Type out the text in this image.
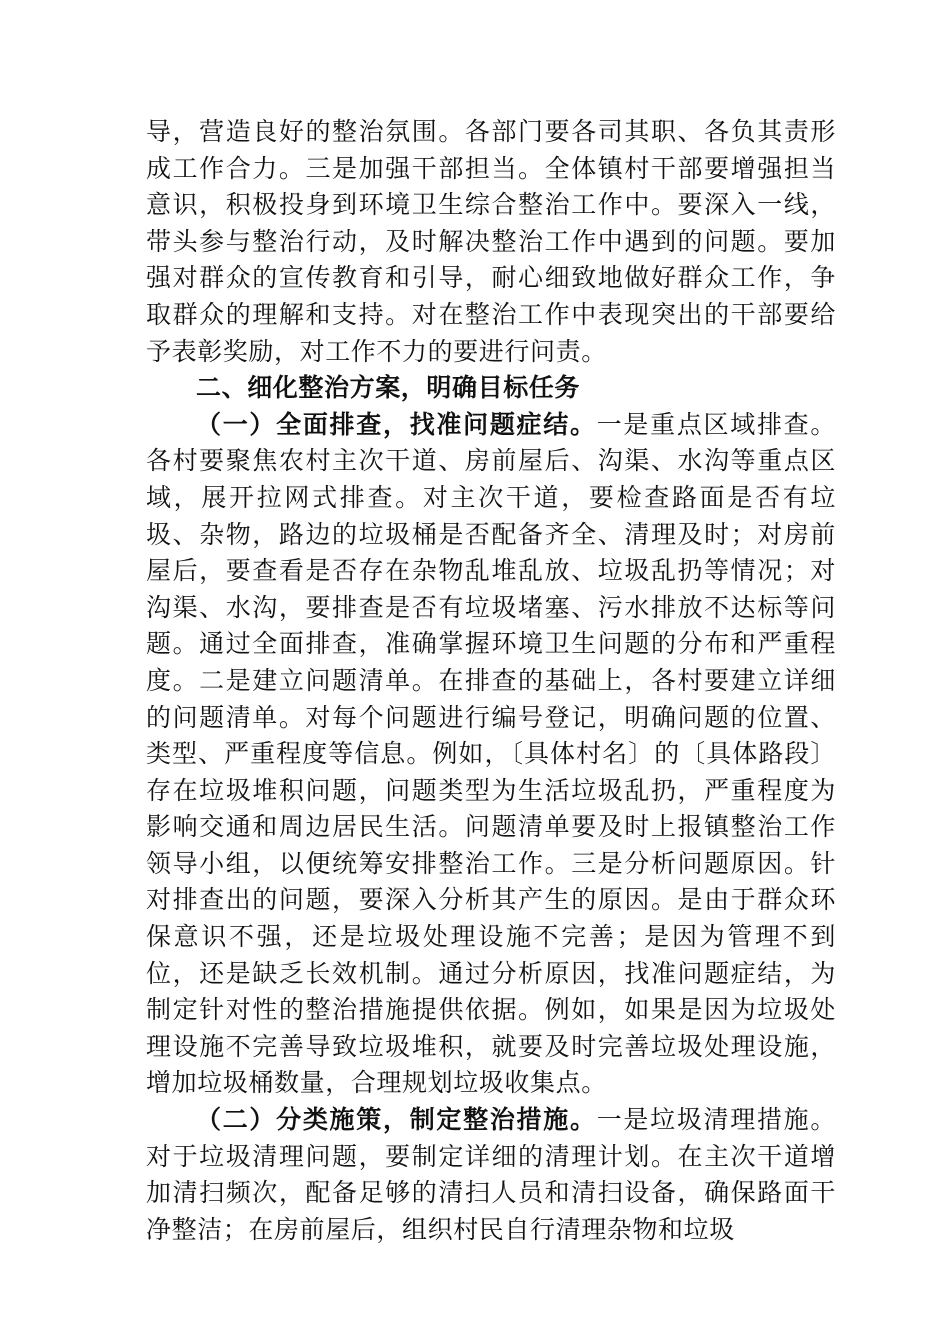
导，营造良好的整治氛围。各部门要各司其职、各负其责形成工作合力。三是加强干部担当。全体镇村干部要增强担当意识，积极投身到环境卫生综合整治工作中。要深入一线，带头参与整治行动，及时解决整治工作中遇到的问题。要加强对群众的宣传教育和引导，耐心细致地做好群众工作，争取群众的理解和支持。对在整治工作中表现突出的干部要给予表彰奖励，对工作不力的要进行问责。

二、细化整治方案，明确目标任务

（一）全面排查，找准问题症结。一是重点区域排查。各村要聚焦农村主次干道、房前屋后、沟渠、水沟等重点区域，展开拉网式排查。对主次干道，要检查路面是否有垃圾、杂物，路边的垃圾桶是否配备齐全、清理及时；对房前屋后，要查看是否存在杂物乱堆乱放、垃圾乱扔等情况；对沟渠、水沟，要排查是否有垃圾堵塞、污水排放不达标等问题。通过全面排查，准确掌握环境卫生问题的分布和严重程度。二是建立问题清单。在排查的基础上，各村要建立详细的问题清单。对每个问题进行编号登记，明确问题的位置、类型、严重程度等信息。例如，〔具体村名〕的〔具体路段〕存在垃圾堆积问题，问题类型为生活垃圾乱扔，严重程度为影响交通和周边居民生活。问题清单要及时上报镇整治工作领导小组，以便统筹安排整治工作。三是分析问题原因。针对排查出的问题，要深入分析其产生的原因。是由于群众环保意识不强，还是垃圾处理设施不完善；是因为管理不到位，还是缺乏长效机制。通过分析原因，找准问题症结，为制定针对性的整治措施提供依据。例如，如果是因为垃圾处理设施不完善导致垃圾堆积，就要及时完善垃圾处理设施，增加垃圾桶数量，合理规划垃圾收集点。

（二）分类施策，制定整治措施。一是垃圾清理措施。对于垃圾清理问题，要制定详细的清理计划。在主次干道增加清扫频次，配备足够的清扫人员和清扫设备，确保路面干净整洁；在房前屋后，组织村民自行清理杂物和垃圾
